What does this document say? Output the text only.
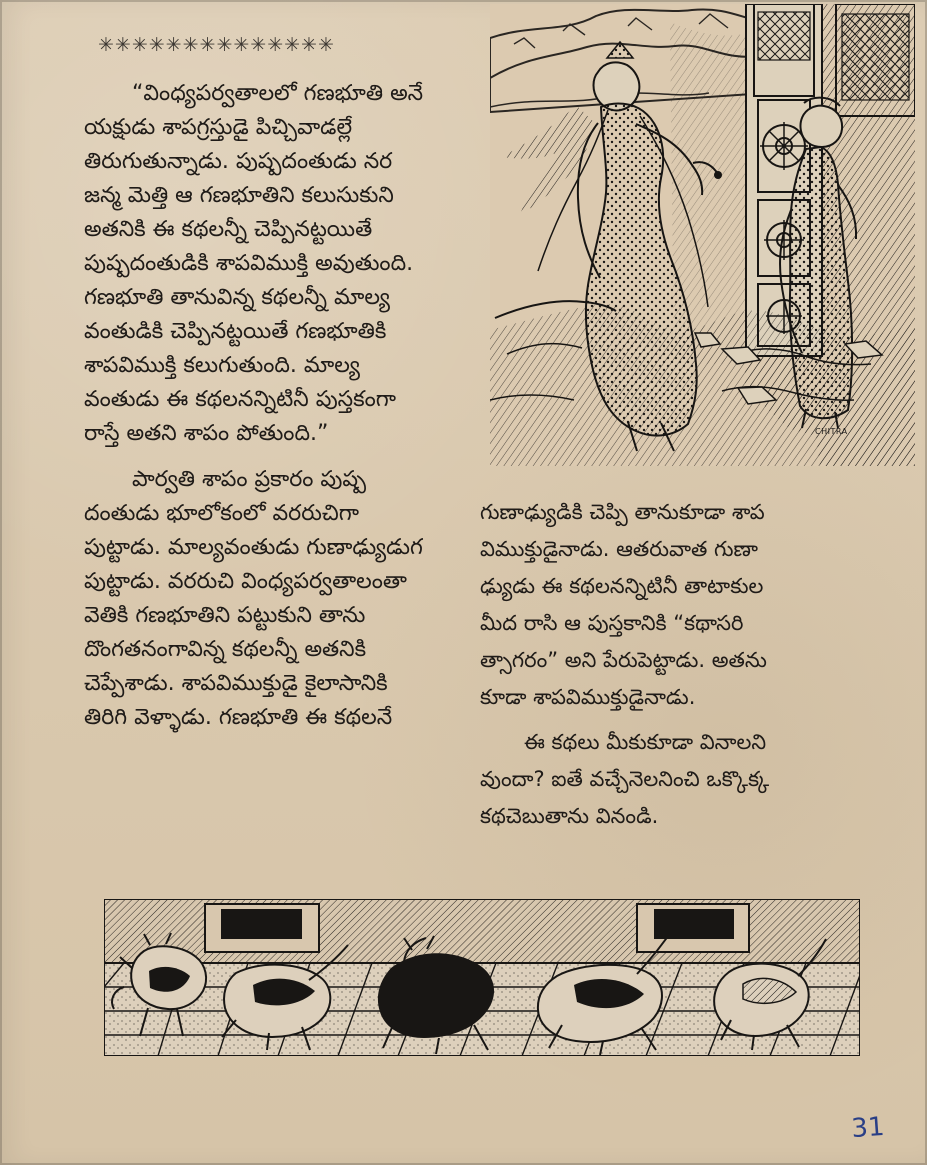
✳✳✳✳✳✳✳✳✳✳✳✳✳✳
“వింధ్యపర్వతాలలో గణభూతి అనే
యక్షుడు శాపగ్రస్తుడై పిచ్చివాడల్లే
తిరుగుతున్నాడు. పుష్పదంతుడు నర
జన్మ మెత్తి ఆ గణభూతిని కలుసుకుని
అతనికి ఈ కథలన్నీ చెప్పినట్టయితే
పుష్పదంతుడికి శాపవిముక్తి అవుతుంది.
గణభూతి తానువిన్న కథలన్నీ మాల్య
వంతుడికి చెప్పినట్టయితే గణభూతికి
శాపవిముక్తి కలుగుతుంది. మాల్య
వంతుడు ఈ కథలనన్నిటినీ పుస్తకంగా
రాస్తే అతని శాపం పోతుంది.”
పార్వతి శాపం ప్రకారం పుష్ప
దంతుడు భూలోకంలో వరరుచిగా
పుట్టాడు. మాల్యవంతుడు గుణాఢ్యుడుగ
పుట్టాడు. వరరుచి వింధ్యపర్వతాలంతా
వెతికి గణభూతిని పట్టుకుని తాను
దొంగతనంగావిన్న కథలన్నీ అతనికి
చెప్పేశాడు. శాపవిముక్తుడై కైలాసానికి
తిరిగి వెళ్ళాడు. గణభూతి ఈ కథలనే
CHITRA
గుణాఢ్యుడికి చెప్పి తానుకూడా శాప
విముక్తుడైనాడు. ఆతరువాత గుణా
ఢ్యుడు ఈ కథలనన్నిటినీ తాటాకుల
మీద రాసి ఆ పుస్తకానికి “కథాసరి
త్సాగరం” అని పేరుపెట్టాడు. అతను
కూడా శాపవిముక్తుడైనాడు.
ఈ కథలు మీకుకూడా వినాలని
వుందా? ఐతే వచ్చేనెలనించి ఒక్కొక్క
కథచెబుతాను వినండి.
31
